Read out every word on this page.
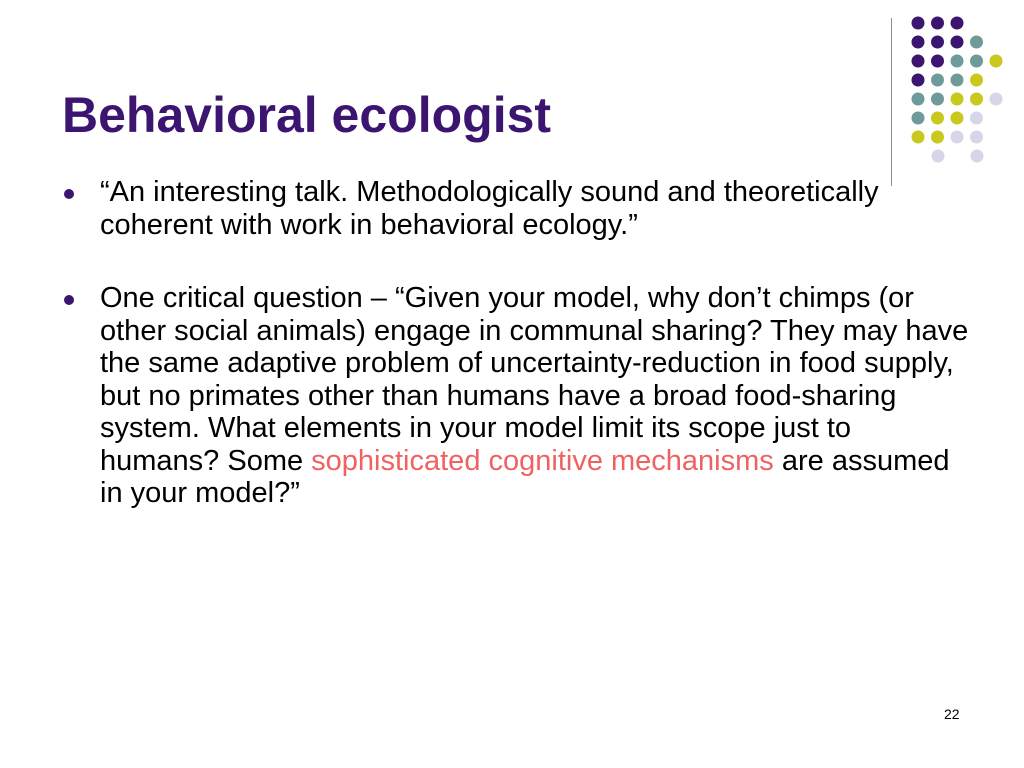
Behavioral ecologist
“An interesting talk. Methodologically sound and theoretically coherent with work in behavioral ecology.”
One critical question – “Given your model, why don’t chimps (or other social animals) engage in communal sharing? They may have the same adaptive problem of uncertainty-reduction in food supply, but no primates other than humans have a broad food-sharing system. What elements in your model limit its scope just to humans? Some sophisticated cognitive mechanisms are assumed in your model?”
22
